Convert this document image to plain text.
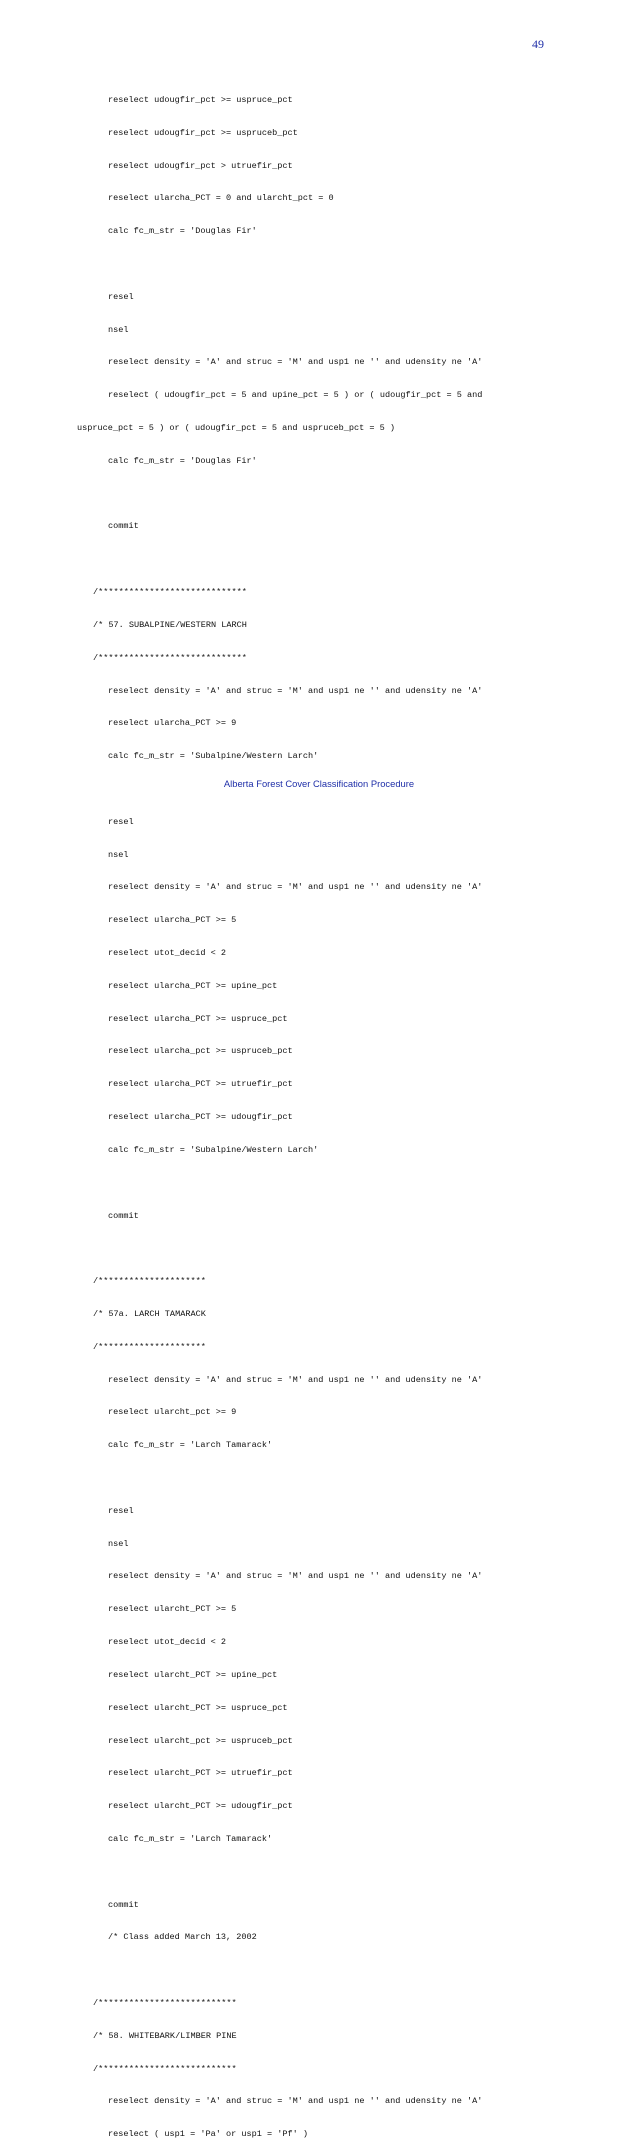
49

reselect udougfir_pct >= uspruce_pct

reselect udougfir_pct >= uspruceb_pct

reselect udougfir_pct > utruefir_pct

reselect ularcha_PCT = 0 and ularcht_pct = 0

calc fc_m_str = 'Douglas Fir'

resel

nsel

reselect density = 'A' and struc = 'M' and usp1 ne '' and udensity ne 'A'

reselect ( udougfir_pct = 5 and upine_pct = 5 ) or ( udougfir_pct = 5 and

uspruce_pct = 5 ) or ( udougfir_pct = 5 and uspruceb_pct = 5 )

calc fc_m_str = 'Douglas Fir'

commit

/*****************************

/* 57. SUBALPINE/WESTERN LARCH

/*****************************

reselect density = 'A' and struc = 'M' and usp1 ne '' and udensity ne 'A'

reselect ularcha_PCT >= 9

calc fc_m_str = 'Subalpine/Western Larch'

resel

nsel

reselect density = 'A' and struc = 'M' and usp1 ne '' and udensity ne 'A'

reselect ularcha_PCT >= 5

reselect utot_decid < 2

reselect ularcha_PCT >= upine_pct

reselect ularcha_PCT >= uspruce_pct

reselect ularcha_pct >= uspruceb_pct

reselect ularcha_PCT >= utruefir_pct

reselect ularcha_PCT >= udougfir_pct

calc fc_m_str = 'Subalpine/Western Larch'

commit

/*********************

/* 57a. LARCH TAMARACK

/*********************

reselect density = 'A' and struc = 'M' and usp1 ne '' and udensity ne 'A'

reselect ularcht_pct >= 9

calc fc_m_str = 'Larch Tamarack'

resel

nsel

reselect density = 'A' and struc = 'M' and usp1 ne '' and udensity ne 'A'

reselect ularcht_PCT >= 5

reselect utot_decid < 2

reselect ularcht_PCT >= upine_pct

reselect ularcht_PCT >= uspruce_pct

reselect ularcht_pct >= uspruceb_pct

reselect ularcht_PCT >= utruefir_pct

reselect ularcht_PCT >= udougfir_pct

calc fc_m_str = 'Larch Tamarack'

commit

/* Class added March 13, 2002

/***************************

/* 58. WHITEBARK/LIMBER PINE

/***************************

reselect density = 'A' and struc = 'M' and usp1 ne '' and udensity ne 'A'

reselect ( usp1 = 'Pa' or usp1 = 'Pf' )

Alberta Forest Cover Classification Procedure
